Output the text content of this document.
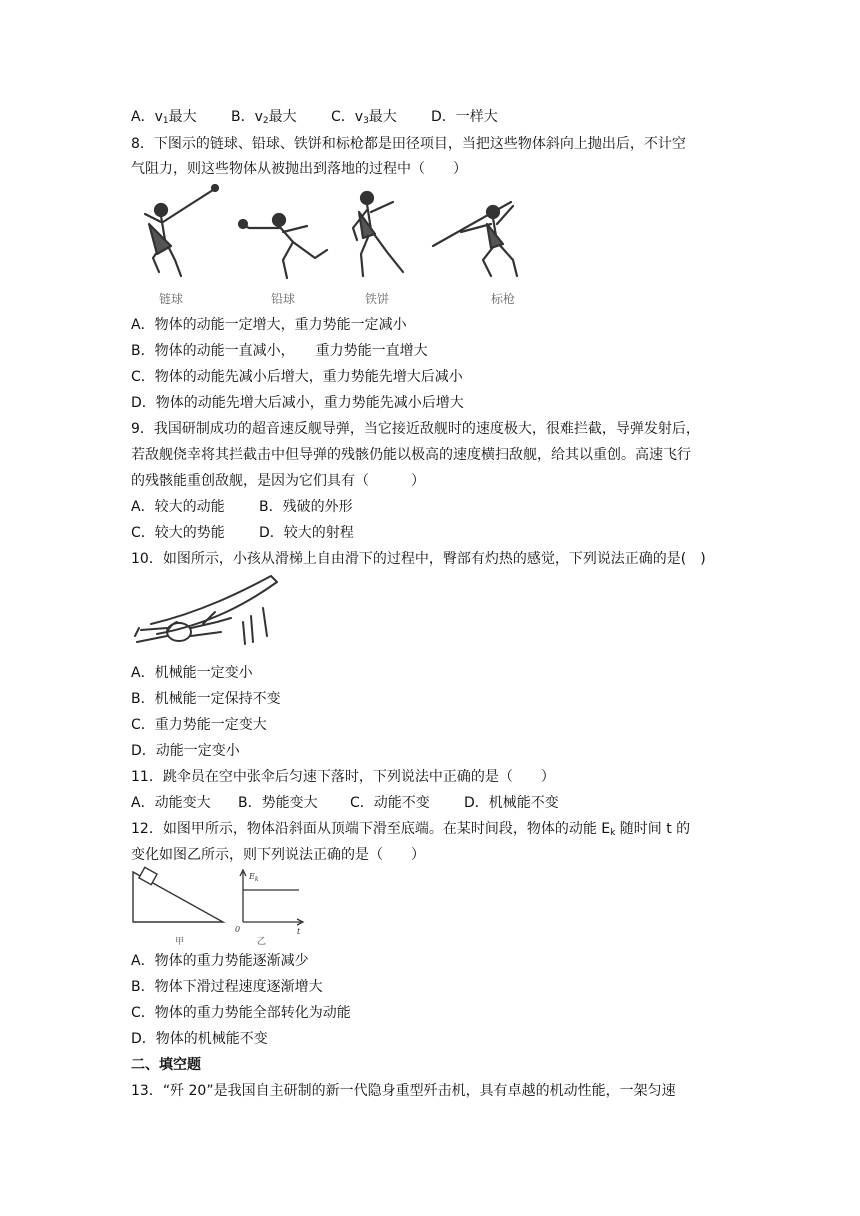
A．$v_1$最大 B．$v_2$最大 C．$v_3$最大 D．一样大
8．下图示的链球、铅球、铁饼和标枪都是田径项目，当把这些物体斜向上抛出后，不计空
气阻力，则这些物体从被抛出到落地的过程中（　　）
链球	铅球	铁饼	标枪
A．物体的动能一定增大，重力势能一定减小
B．物体的动能一直减小，　　重力势能一直增大
C．物体的动能先减小后增大，重力势能先增大后减小
D．物体的动能先增大后减小，重力势能先减小后增大
9．我国研制成功的超音速反舰导弹，当它接近敌舰时的速度极大，很难拦截，导弹发射后，
若敌舰侥幸将其拦截击中但导弹的残骸仍能以极高的速度横扫敌舰，给其以重创。高速飞行
的残骸能重创敌舰，是因为它们具有（　　　）
A．较大的动能 B．残破的外形
C．较大的势能 D．较大的射程
10．如图所示，小孩从滑梯上自由滑下的过程中，臀部有灼热的感觉，下列说法正确的是(　)
A．机械能一定变小
B．机械能一定保持不变
C．重力势能一定变大
D．动能一定变小
11．跳伞员在空中张伞后匀速下落时，下列说法中正确的是（　　）
A．动能变大 B．势能变大 C．动能不变 D．机械能不变
12．如图甲所示，物体沿斜面从顶端下滑至底端。在某时间段，物体的动能 $E_k$ 随时间 t 的
变化如图乙所示，则下列说法正确的是（　　）
甲
$E_k$
0	t
乙
A．物体的重力势能逐渐减少
B．物体下滑过程速度逐渐增大
C．物体的重力势能全部转化为动能
D．物体的机械能不变
二、填空题
13．“歼 20”是我国自主研制的新一代隐身重型歼击机，具有卓越的机动性能，一架匀速
